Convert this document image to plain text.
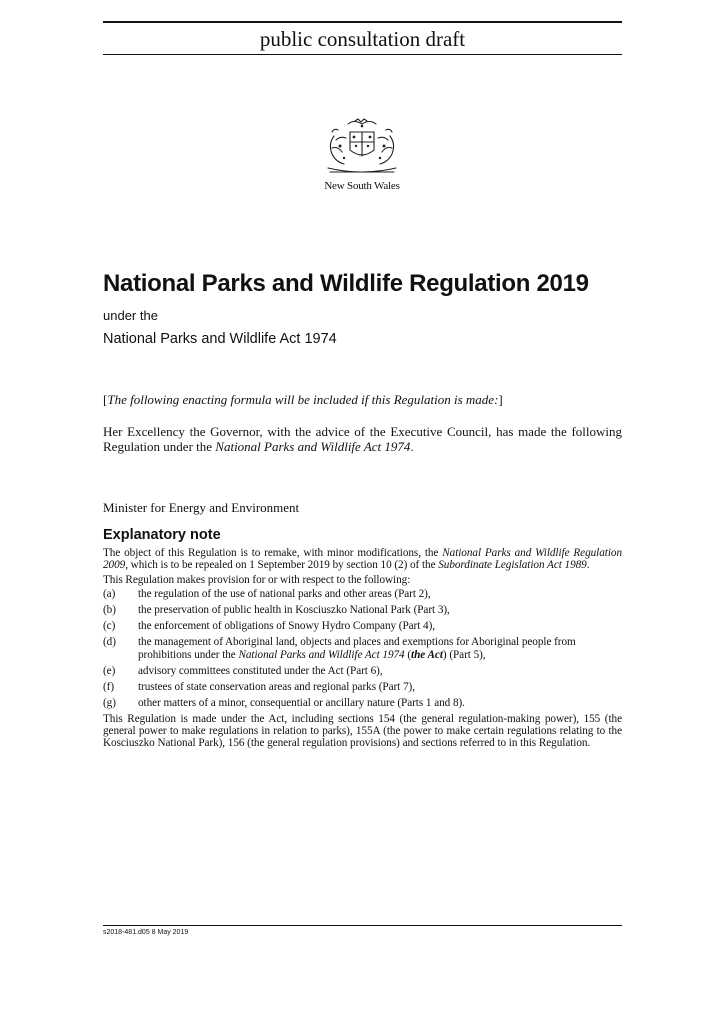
public consultation draft
New South Wales
National Parks and Wildlife Regulation 2019
under the
National Parks and Wildlife Act 1974
[The following enacting formula will be included if this Regulation is made:]
Her Excellency the Governor, with the advice of the Executive Council, has made the following Regulation under the National Parks and Wildlife Act 1974.
Minister for Energy and Environment
Explanatory note

The object of this Regulation is to remake, with minor modifications, the National Parks and Wildlife Regulation 2009, which is to be repealed on 1 September 2019 by section 10 (2) of the Subordinate Legislation Act 1989.

This Regulation makes provision for or with respect to the following:

(a)	the regulation of the use of national parks and other areas (Part 2),
(b)	the preservation of public health in Kosciuszko National Park (Part 3),
(c)	the enforcement of obligations of Snowy Hydro Company (Part 4),
(d)	the management of Aboriginal land, objects and places and exemptions for Aboriginal people from prohibitions under the National Parks and Wildlife Act 1974 (the Act) (Part 5),
(e)	advisory committees constituted under the Act (Part 6),
(f)	trustees of state conservation areas and regional parks (Part 7),
(g)	other matters of a minor, consequential or ancillary nature (Parts 1 and 8).

This Regulation is made under the Act, including sections 154 (the general regulation-making power), 155 (the general power to make regulations in relation to parks), 155A (the power to make certain regulations relating to the Kosciuszko National Park), 156 (the general regulation provisions) and sections referred to in this Regulation.

s2018-481.d05 8 May 2019
